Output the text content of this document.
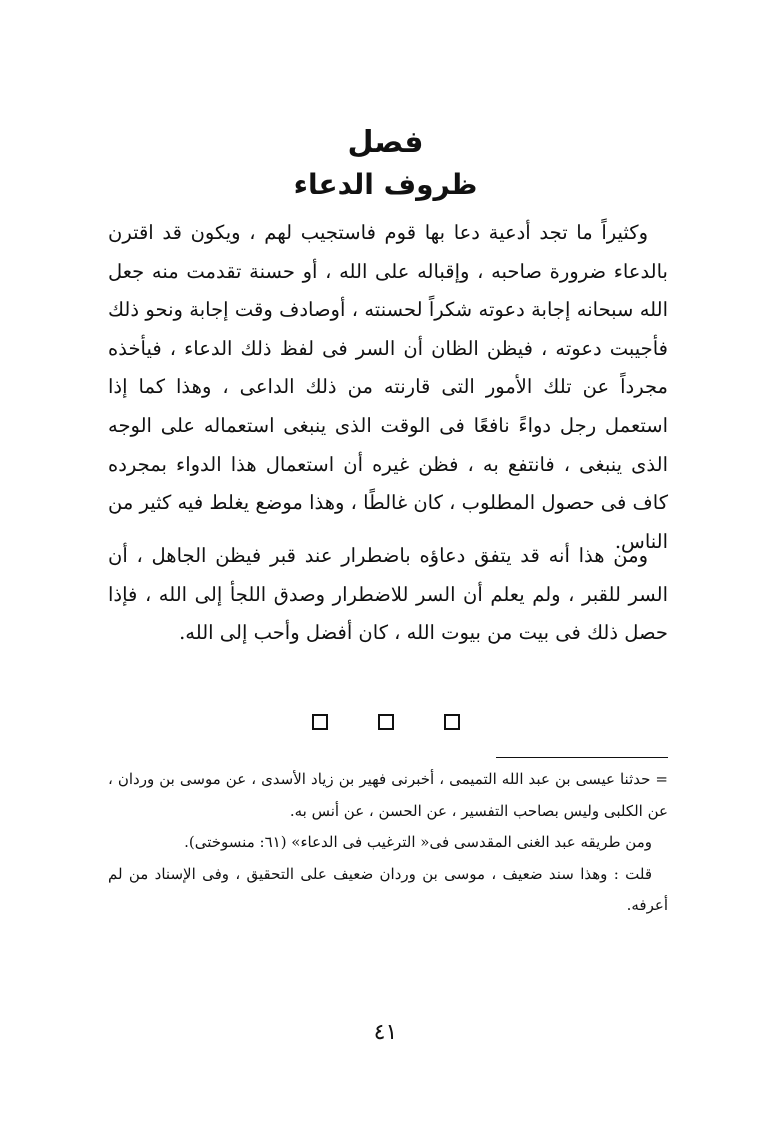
فصل
ظروف الدعاء

وكثيراً ما تجد أدعية دعا بها قوم فاستجيب لهم ، ويكون قد اقترن بالدعاء ضرورة صاحبه ، وإقباله على الله ، أو حسنة تقدمت منه جعل الله سبحانه إجابة دعوته شكراً لحسنته ، أوصادف وقت إجابة ونحو ذلك فأجيبت دعوته ، فيظن الظان أن السر فى لفظ ذلك الدعاء ، فيأخذه مجرداً عن تلك الأمور التى قارنته من ذلك الداعى ، وهذا كما إذا استعمل رجل دواءً نافعًا فى الوقت الذى ينبغى استعماله على الوجه الذى ينبغى ، فانتفع به ، فظن غيره أن استعمال هذا الدواء بمجرده كاف فى حصول المطلوب ، كان غالطًا ، وهذا موضع يغلط فيه كثير من الناس.

ومن هذا أنه قد يتفق دعاؤه باضطرار عند قبر فيظن الجاهل ، أن السر للقبر ، ولم يعلم أن السر للاضطرار وصدق اللجأ إلى الله ، فإذا حصل ذلك فى بيت من بيوت الله ، كان أفضل وأحب إلى الله.

= حدثنا عيسى بن عبد الله التميمى ، أخبرنى فهير بن زياد الأسدى ، عن موسى بن وردان ، عن الكلبى وليس بصاحب التفسير ، عن الحسن ، عن أنس به.

ومن طريقه عبد الغنى المقدسى فى« الترغيب فى الدعاء» (٦١: منسوختى).

قلت : وهذا سند ضعيف ، موسى بن وردان ضعيف على التحقيق ، وفى الإسناد من لم أعرفه.

٤١
